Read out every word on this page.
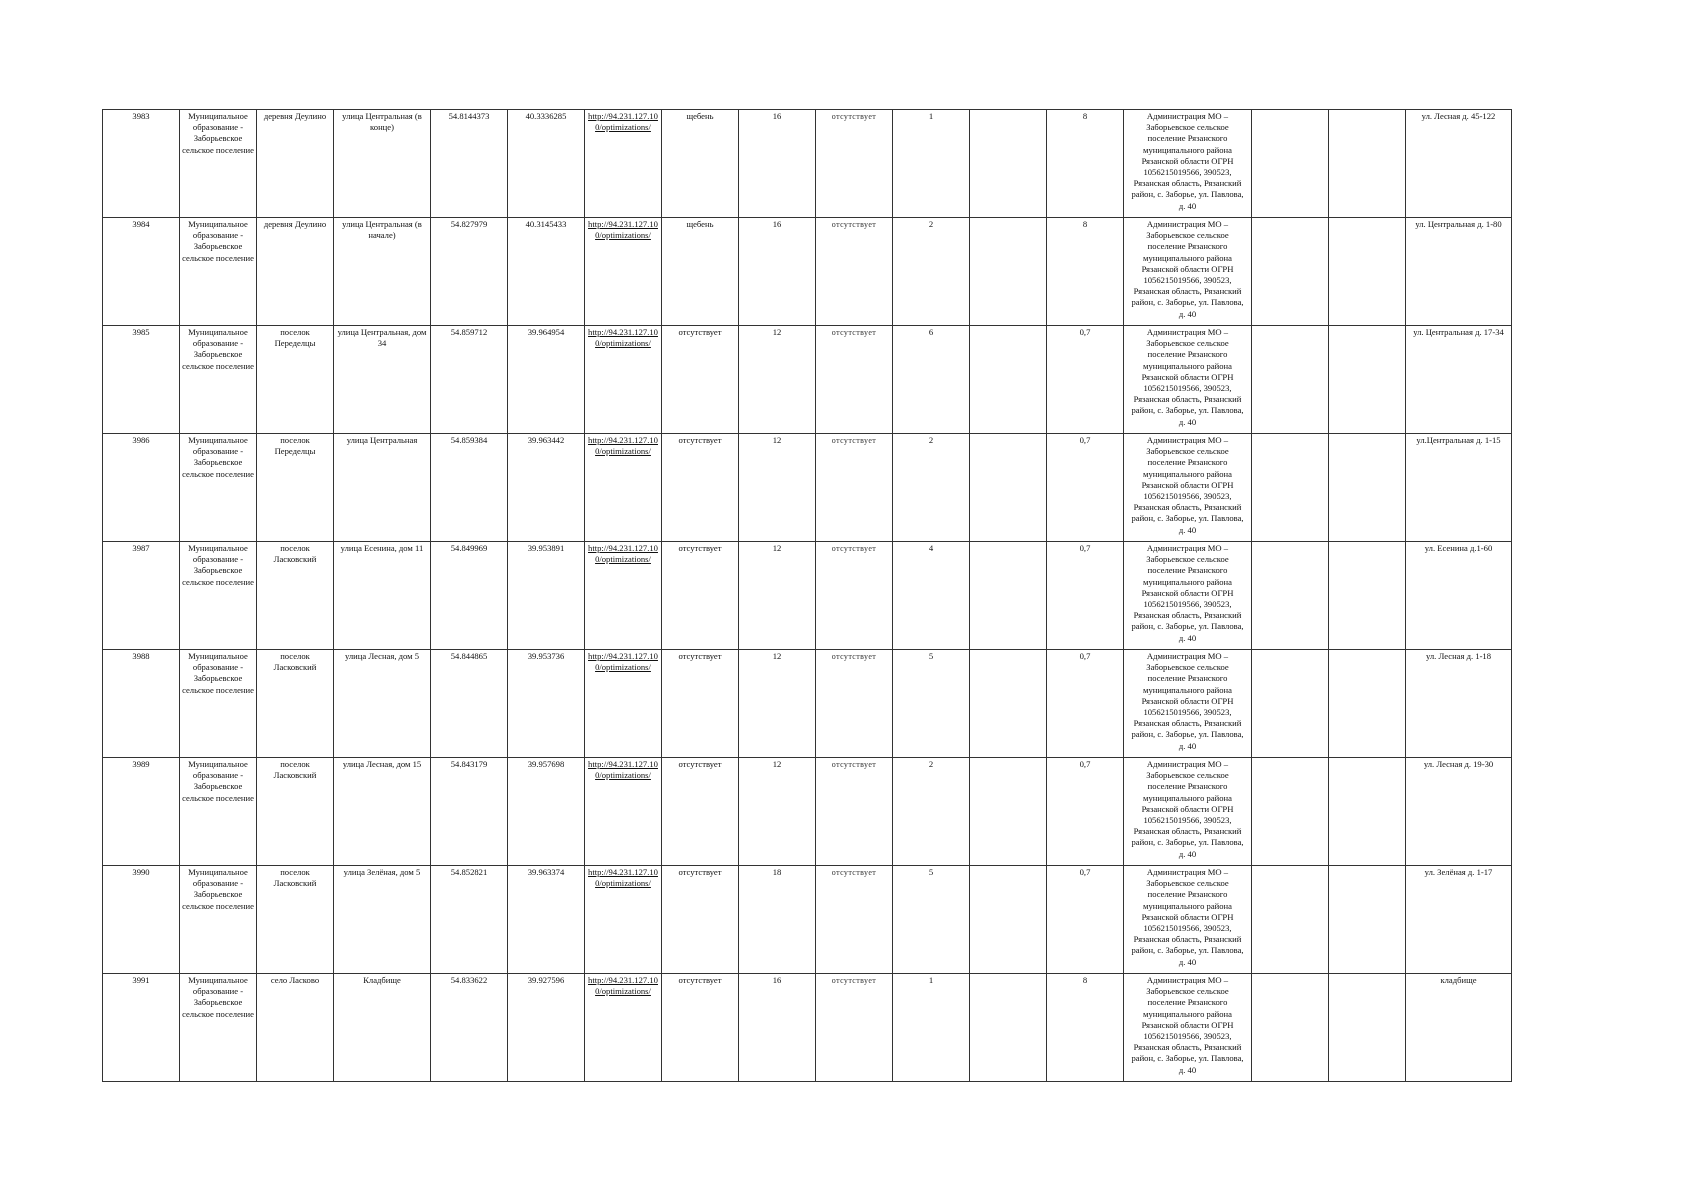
3983	Муниципальное образование - Заборьевское сельское поселение	деревня Деулино	улица Центральная (в конце)	54.8144373	40.3336285	http://94.231.127.10 0/optimizations/	щебень	16	отсутствует	1		8	Администрация МО – Заборьевское сельское поселение Рязанского муниципального района Рязанской области ОГРН 1056215019566, 390523, Рязанская область, Рязанский район, с. Заборье, ул. Павлова, д. 40			ул. Лесная д. 45-122
3984	Муниципальное образование - Заборьевское сельское поселение	деревня Деулино	улица Центральная (в начале)	54.827979	40.3145433	http://94.231.127.10 0/optimizations/	щебень	16	отсутствует	2		8	Администрация МО – Заборьевское сельское поселение Рязанского муниципального района Рязанской области ОГРН 1056215019566, 390523, Рязанская область, Рязанский район, с. Заборье, ул. Павлова, д. 40			ул. Центральная д. 1-80
3985	Муниципальное образование - Заборьевское сельское поселение	поселок Переделцы	улица Центральная, дом 34	54.859712	39.964954	http://94.231.127.10 0/optimizations/	отсутствует	12	отсутствует	6		0,7	Администрация МО – Заборьевское сельское поселение Рязанского муниципального района Рязанской области ОГРН 1056215019566, 390523, Рязанская область, Рязанский район, с. Заборье, ул. Павлова, д. 40			ул. Центральная д. 17-34
3986	Муниципальное образование - Заборьевское сельское поселение	поселок Переделцы	улица Центральная	54.859384	39.963442	http://94.231.127.10 0/optimizations/	отсутствует	12	отсутствует	2		0,7	Администрация МО – Заборьевское сельское поселение Рязанского муниципального района Рязанской области ОГРН 1056215019566, 390523, Рязанская область, Рязанский район, с. Заборье, ул. Павлова, д. 40			ул.Центральная д. 1-15
3987	Муниципальное образование - Заборьевское сельское поселение	поселок Ласковский	улица Есенина, дом 11	54.849969	39.953891	http://94.231.127.10 0/optimizations/	отсутствует	12	отсутствует	4		0,7	Администрация МО – Заборьевское сельское поселение Рязанского муниципального района Рязанской области ОГРН 1056215019566, 390523, Рязанская область, Рязанский район, с. Заборье, ул. Павлова, д. 40			ул. Есенина д.1-60
3988	Муниципальное образование - Заборьевское сельское поселение	поселок Ласковский	улица Лесная, дом 5	54.844865	39.953736	http://94.231.127.10 0/optimizations/	отсутствует	12	отсутствует	5		0,7	Администрация МО – Заборьевское сельское поселение Рязанского муниципального района Рязанской области ОГРН 1056215019566, 390523, Рязанская область, Рязанский район, с. Заборье, ул. Павлова, д. 40			ул. Лесная д. 1-18
3989	Муниципальное образование - Заборьевское сельское поселение	поселок Ласковский	улица Лесная, дом 15	54.843179	39.957698	http://94.231.127.10 0/optimizations/	отсутствует	12	отсутствует	2		0,7	Администрация МО – Заборьевское сельское поселение Рязанского муниципального района Рязанской области ОГРН 1056215019566, 390523, Рязанская область, Рязанский район, с. Заборье, ул. Павлова, д. 40			ул. Лесная д. 19-30
3990	Муниципальное образование - Заборьевское сельское поселение	поселок Ласковский	улица Зелёная, дом 5	54.852821	39.963374	http://94.231.127.10 0/optimizations/	отсутствует	18	отсутствует	5		0,7	Администрация МО – Заборьевское сельское поселение Рязанского муниципального района Рязанской области ОГРН 1056215019566, 390523, Рязанская область, Рязанский район, с. Заборье, ул. Павлова, д. 40			ул. Зелёная д. 1-17
3991	Муниципальное образование - Заборьевское сельское поселение	село Ласково	Кладбище	54.833622	39.927596	http://94.231.127.10 0/optimizations/	отсутствует	16	отсутствует	1		8	Администрация МО – Заборьевское сельское поселение Рязанского муниципального района Рязанской области ОГРН 1056215019566, 390523, Рязанская область, Рязанский район, с. Заборье, ул. Павлова, д. 40			кладбище
